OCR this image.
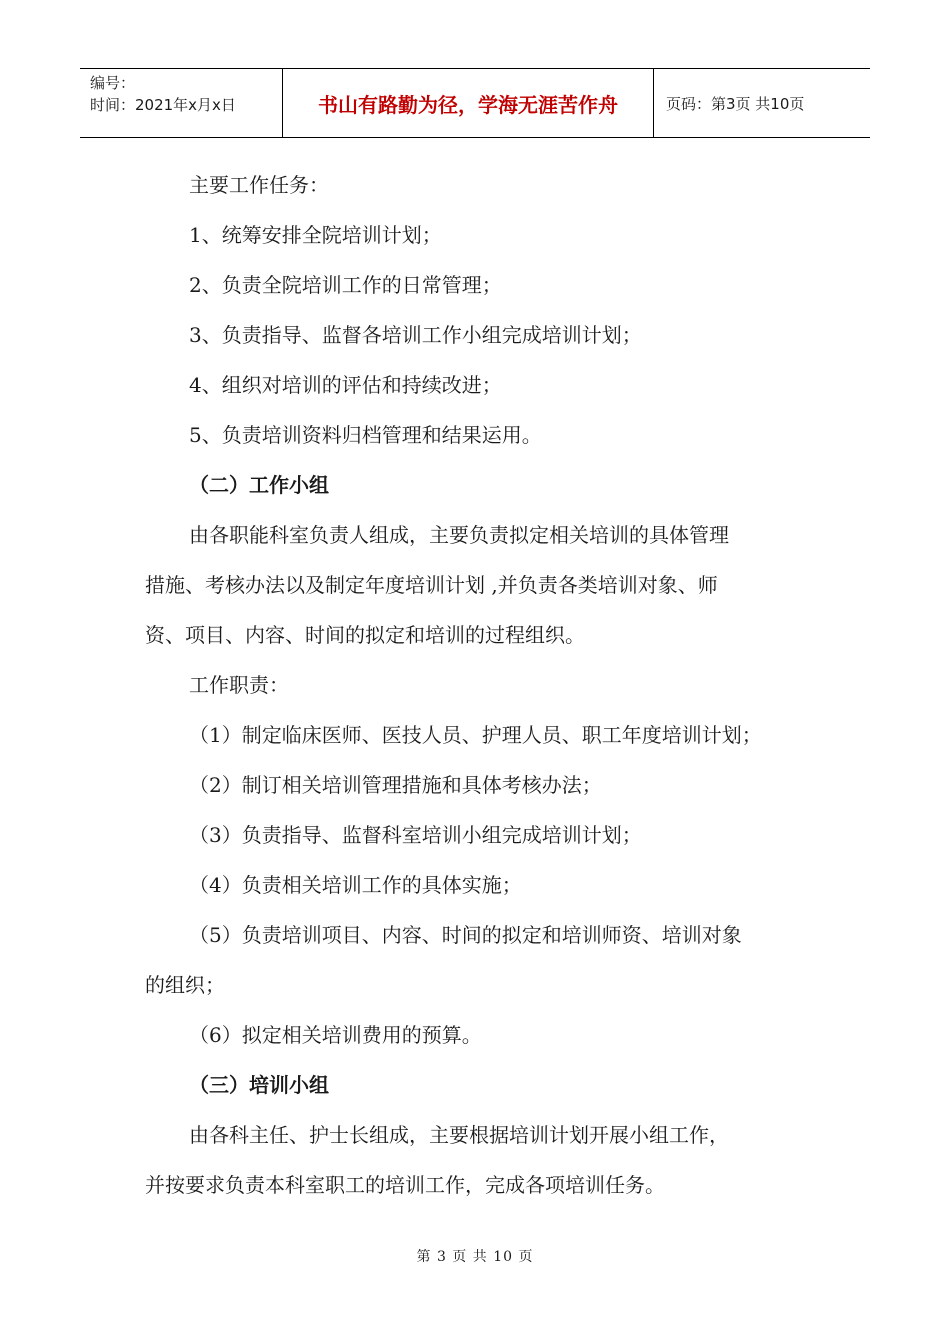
编号：
时间：2021年x月x日	书山有路勤为径，学海无涯苦作舟	页码：第3页 共10页
主要工作任务：
1、统筹安排全院培训计划；
2、负责全院培训工作的日常管理；
3、负责指导、监督各培训工作小组完成培训计划；
4、组织对培训的评估和持续改进；
5、负责培训资料归档管理和结果运用。
（二）工作小组
由各职能科室负责人组成，主要负责拟定相关培训的具体管理
措施、考核办法以及制定年度培训计划 ,并负责各类培训对象、师
资、项目、内容、时间的拟定和培训的过程组织。
工作职责：
（1）制定临床医师、医技人员、护理人员、职工年度培训计划；
（2）制订相关培训管理措施和具体考核办法；
（3）负责指导、监督科室培训小组完成培训计划；
（4）负责相关培训工作的具体实施；
（5）负责培训项目、内容、时间的拟定和培训师资、培训对象
的组织；
（6）拟定相关培训费用的预算。
（三）培训小组
由各科主任、护士长组成，主要根据培训计划开展小组工作，
并按要求负责本科室职工的培训工作，完成各项培训任务。
第 3 页 共 10 页
